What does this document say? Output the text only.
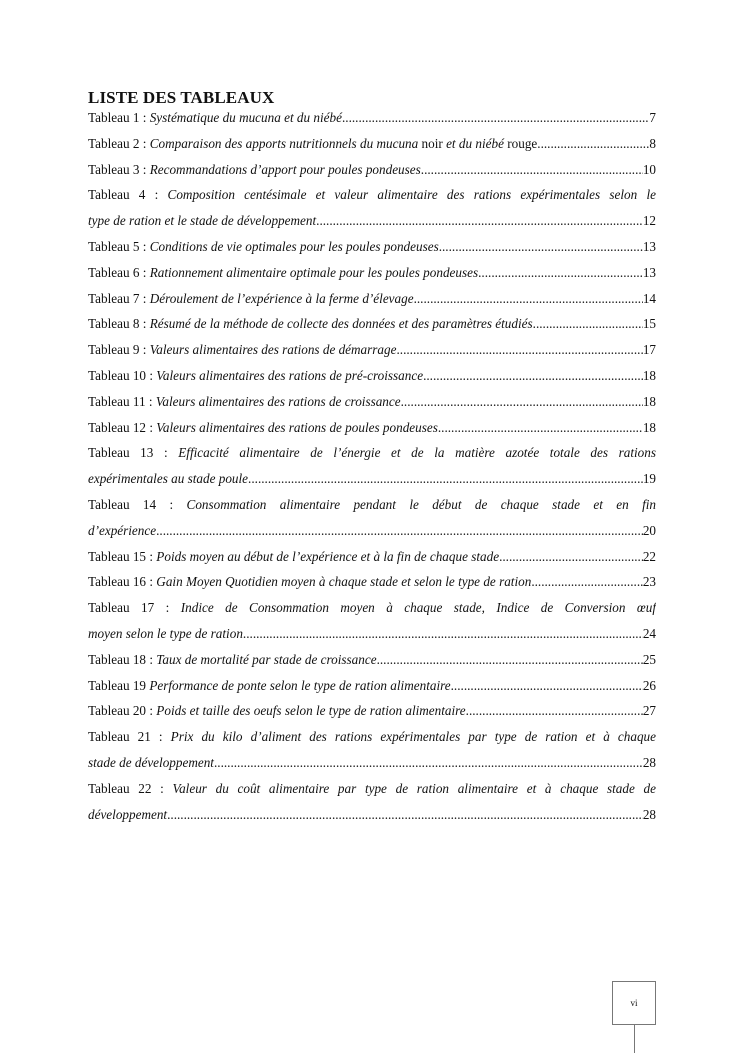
LISTE DES TABLEAUX
Tableau 1 : Systématique du mucuna et du niébé .....	7
Tableau 2 : Comparaison des apports nutritionnels du mucuna noir et du niébé rouge .....	8
Tableau 3 : Recommandations d’apport pour poules pondeuses .....	10
Tableau 4 : Composition centésimale et valeur alimentaire des rations expérimentales selon le
type de ration et le stade de développement .....	12
Tableau 5 : Conditions de vie optimales pour les poules pondeuses .....	13
Tableau 6 : Rationnement alimentaire optimale pour les poules pondeuses .....	13
Tableau 7 : Déroulement de l’expérience à la ferme d’élevage .....	14
Tableau 8 : Résumé de la méthode de collecte des données et des paramètres étudiés .....	15
Tableau 9 : Valeurs alimentaires des rations de démarrage .....	17
Tableau 10 : Valeurs alimentaires des rations de pré-croissance .....	18
Tableau 11 : Valeurs alimentaires des rations de croissance .....	18
Tableau 12 : Valeurs alimentaires des rations de poules pondeuses .....	18
Tableau 13 : Efficacité alimentaire de l’énergie et de la matière azotée totale des rations
expérimentales au stade poule .....	19
Tableau 14 : Consommation alimentaire pendant le début de chaque stade et en fin
d’expérience .....	20
Tableau 15 : Poids moyen au début de l’expérience et à la fin de chaque stade .....	22
Tableau 16 : Gain Moyen Quotidien moyen à chaque stade et selon le type de ration .....	23
Tableau 17 : Indice de Consommation moyen à chaque stade, Indice de Conversion œuf
moyen selon le type de ration .....	24
Tableau 18 : Taux de mortalité par stade de croissance .....	25
Tableau 19 Performance de ponte selon le type de ration alimentaire .....	26
Tableau 20 : Poids et taille des oeufs selon le type de ration alimentaire .....	27
Tableau 21 : Prix du kilo d’aliment des rations expérimentales par type de ration et à chaque
stade de développement .....	28
Tableau 22 : Valeur du coût alimentaire par type de ration alimentaire et à chaque stade de
développement .....	28
vi
